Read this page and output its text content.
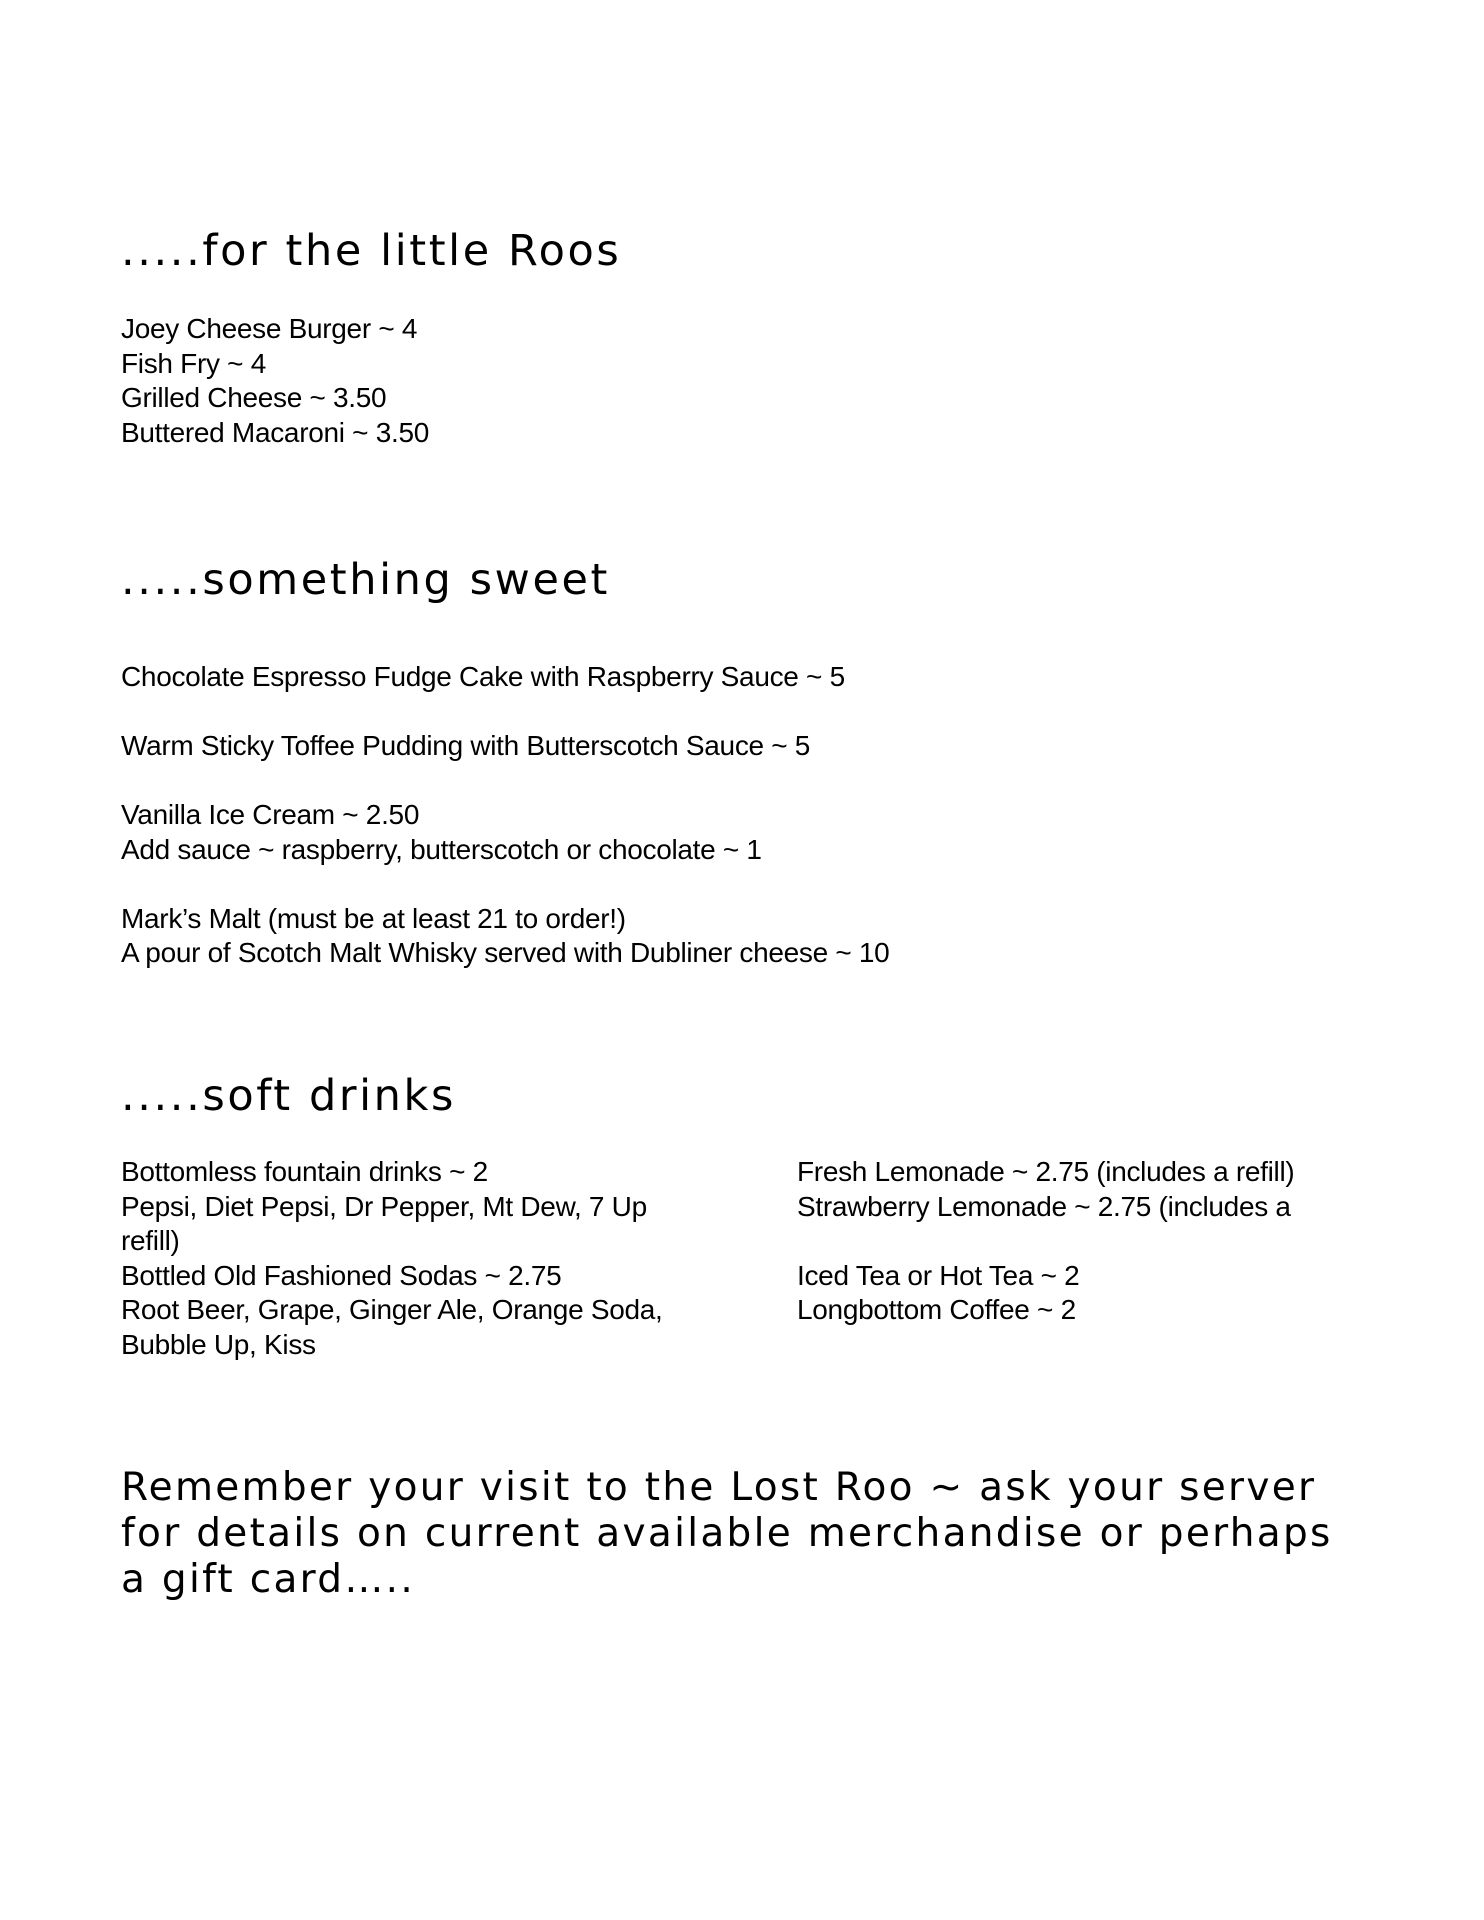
.....for the little Roos
Joey Cheese Burger ~ 4
Fish Fry ~ 4
Grilled Cheese ~ 3.50
Buttered Macaroni ~ 3.50
.....something sweet
Chocolate Espresso Fudge Cake with Raspberry Sauce ~ 5
Warm Sticky Toffee Pudding with Butterscotch Sauce ~ 5
Vanilla Ice Cream ~ 2.50
Add sauce ~ raspberry, butterscotch or chocolate ~ 1
Mark’s Malt (must be at least 21 to order!)
A pour of Scotch Malt Whisky served with Dubliner cheese ~ 10
.....soft drinks
Bottomless fountain drinks ~ 2
Pepsi, Diet Pepsi, Dr Pepper, Mt Dew, 7 Up refill)
Bottled Old Fashioned Sodas ~ 2.75
Root Beer, Grape, Ginger Ale, Orange Soda, Bubble Up, Kiss
Fresh Lemonade ~ 2.75 (includes a refill)
Strawberry Lemonade ~ 2.75 (includes a
Iced Tea or Hot Tea ~ 2
Longbottom Coffee ~ 2

Remember your visit to the Lost Roo ~ ask your server for details on current available merchandise or perhaps a gift card…..
